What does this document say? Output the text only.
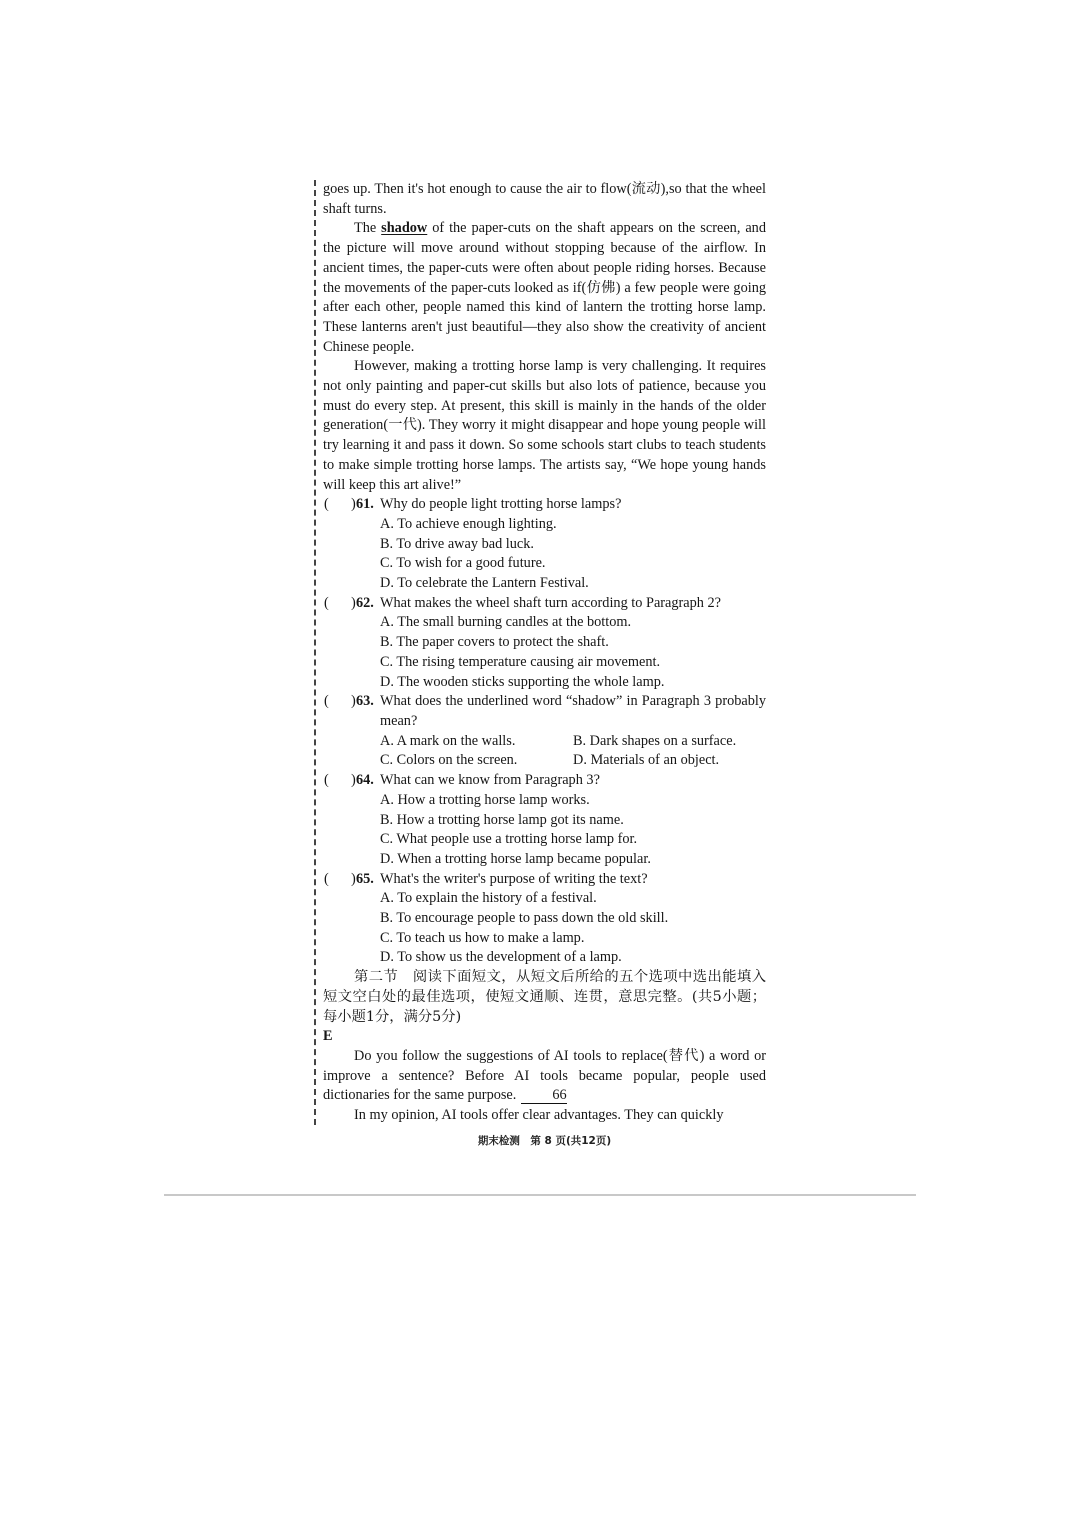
goes up. Then it's hot enough to cause the air to flow(流动),so that the wheel shaft turns.

The shadow of the paper-cuts on the shaft appears on the screen, and the picture will move around without stopping because of the airflow. In ancient times, the paper-cuts were often about people riding horses. Because the movements of the paper-cuts looked as if(仿佛) a few people were going after each other, people named this kind of lantern the trotting horse lamp. These lanterns aren't just beautiful—they also show the creativity of ancient Chinese people.

However, making a trotting horse lamp is very challenging. It requires not only painting and paper-cut skills but also lots of patience, because you must do every step. At present, this skill is mainly in the hands of the older generation(一代). They worry it might disappear and hope young people will try learning it and pass it down. So some schools start clubs to teach students to make simple trotting horse lamps. The artists say, “We hope young hands will keep this art alive!”

( ) 61. Why do people light trotting horse lamps?

A. To achieve enough lighting.

B. To drive away bad luck.

C. To wish for a good future.

D. To celebrate the Lantern Festival.

( ) 62. What makes the wheel shaft turn according to Paragraph 2?

A. The small burning candles at the bottom.

B. The paper covers to protect the shaft.

C. The rising temperature causing air movement.

D. The wooden sticks supporting the whole lamp.

( ) 63. What does the underlined word “shadow” in Paragraph 3 probably mean?

A. A mark on the walls.	B. Dark shapes on a surface.
C. Colors on the screen.	D. Materials of an object.

( ) 64. What can we know from Paragraph 3?

A. How a trotting horse lamp works.

B. How a trotting horse lamp got its name.

C. What people use a trotting horse lamp for.

D. When a trotting horse lamp became popular.

( ) 65. What's the writer's purpose of writing the text?

A. To explain the history of a festival.

B. To encourage people to pass down the old skill.

C. To teach us how to make a lamp.

D. To show us the development of a lamp.

第二节　阅读下面短文，从短文后所给的五个选项中选出能填入短文空白处的最佳选项，使短文通顺、连贯，意思完整。(共5小题；每小题1分，满分5分)

E

Do you follow the suggestions of AI tools to replace(替代) a word or improve a sentence? Before AI tools became popular, people used dictionaries for the same purpose.	66

In my opinion, AI tools offer clear advantages. They can quickly

期末检测　第 8 页(共12页)
